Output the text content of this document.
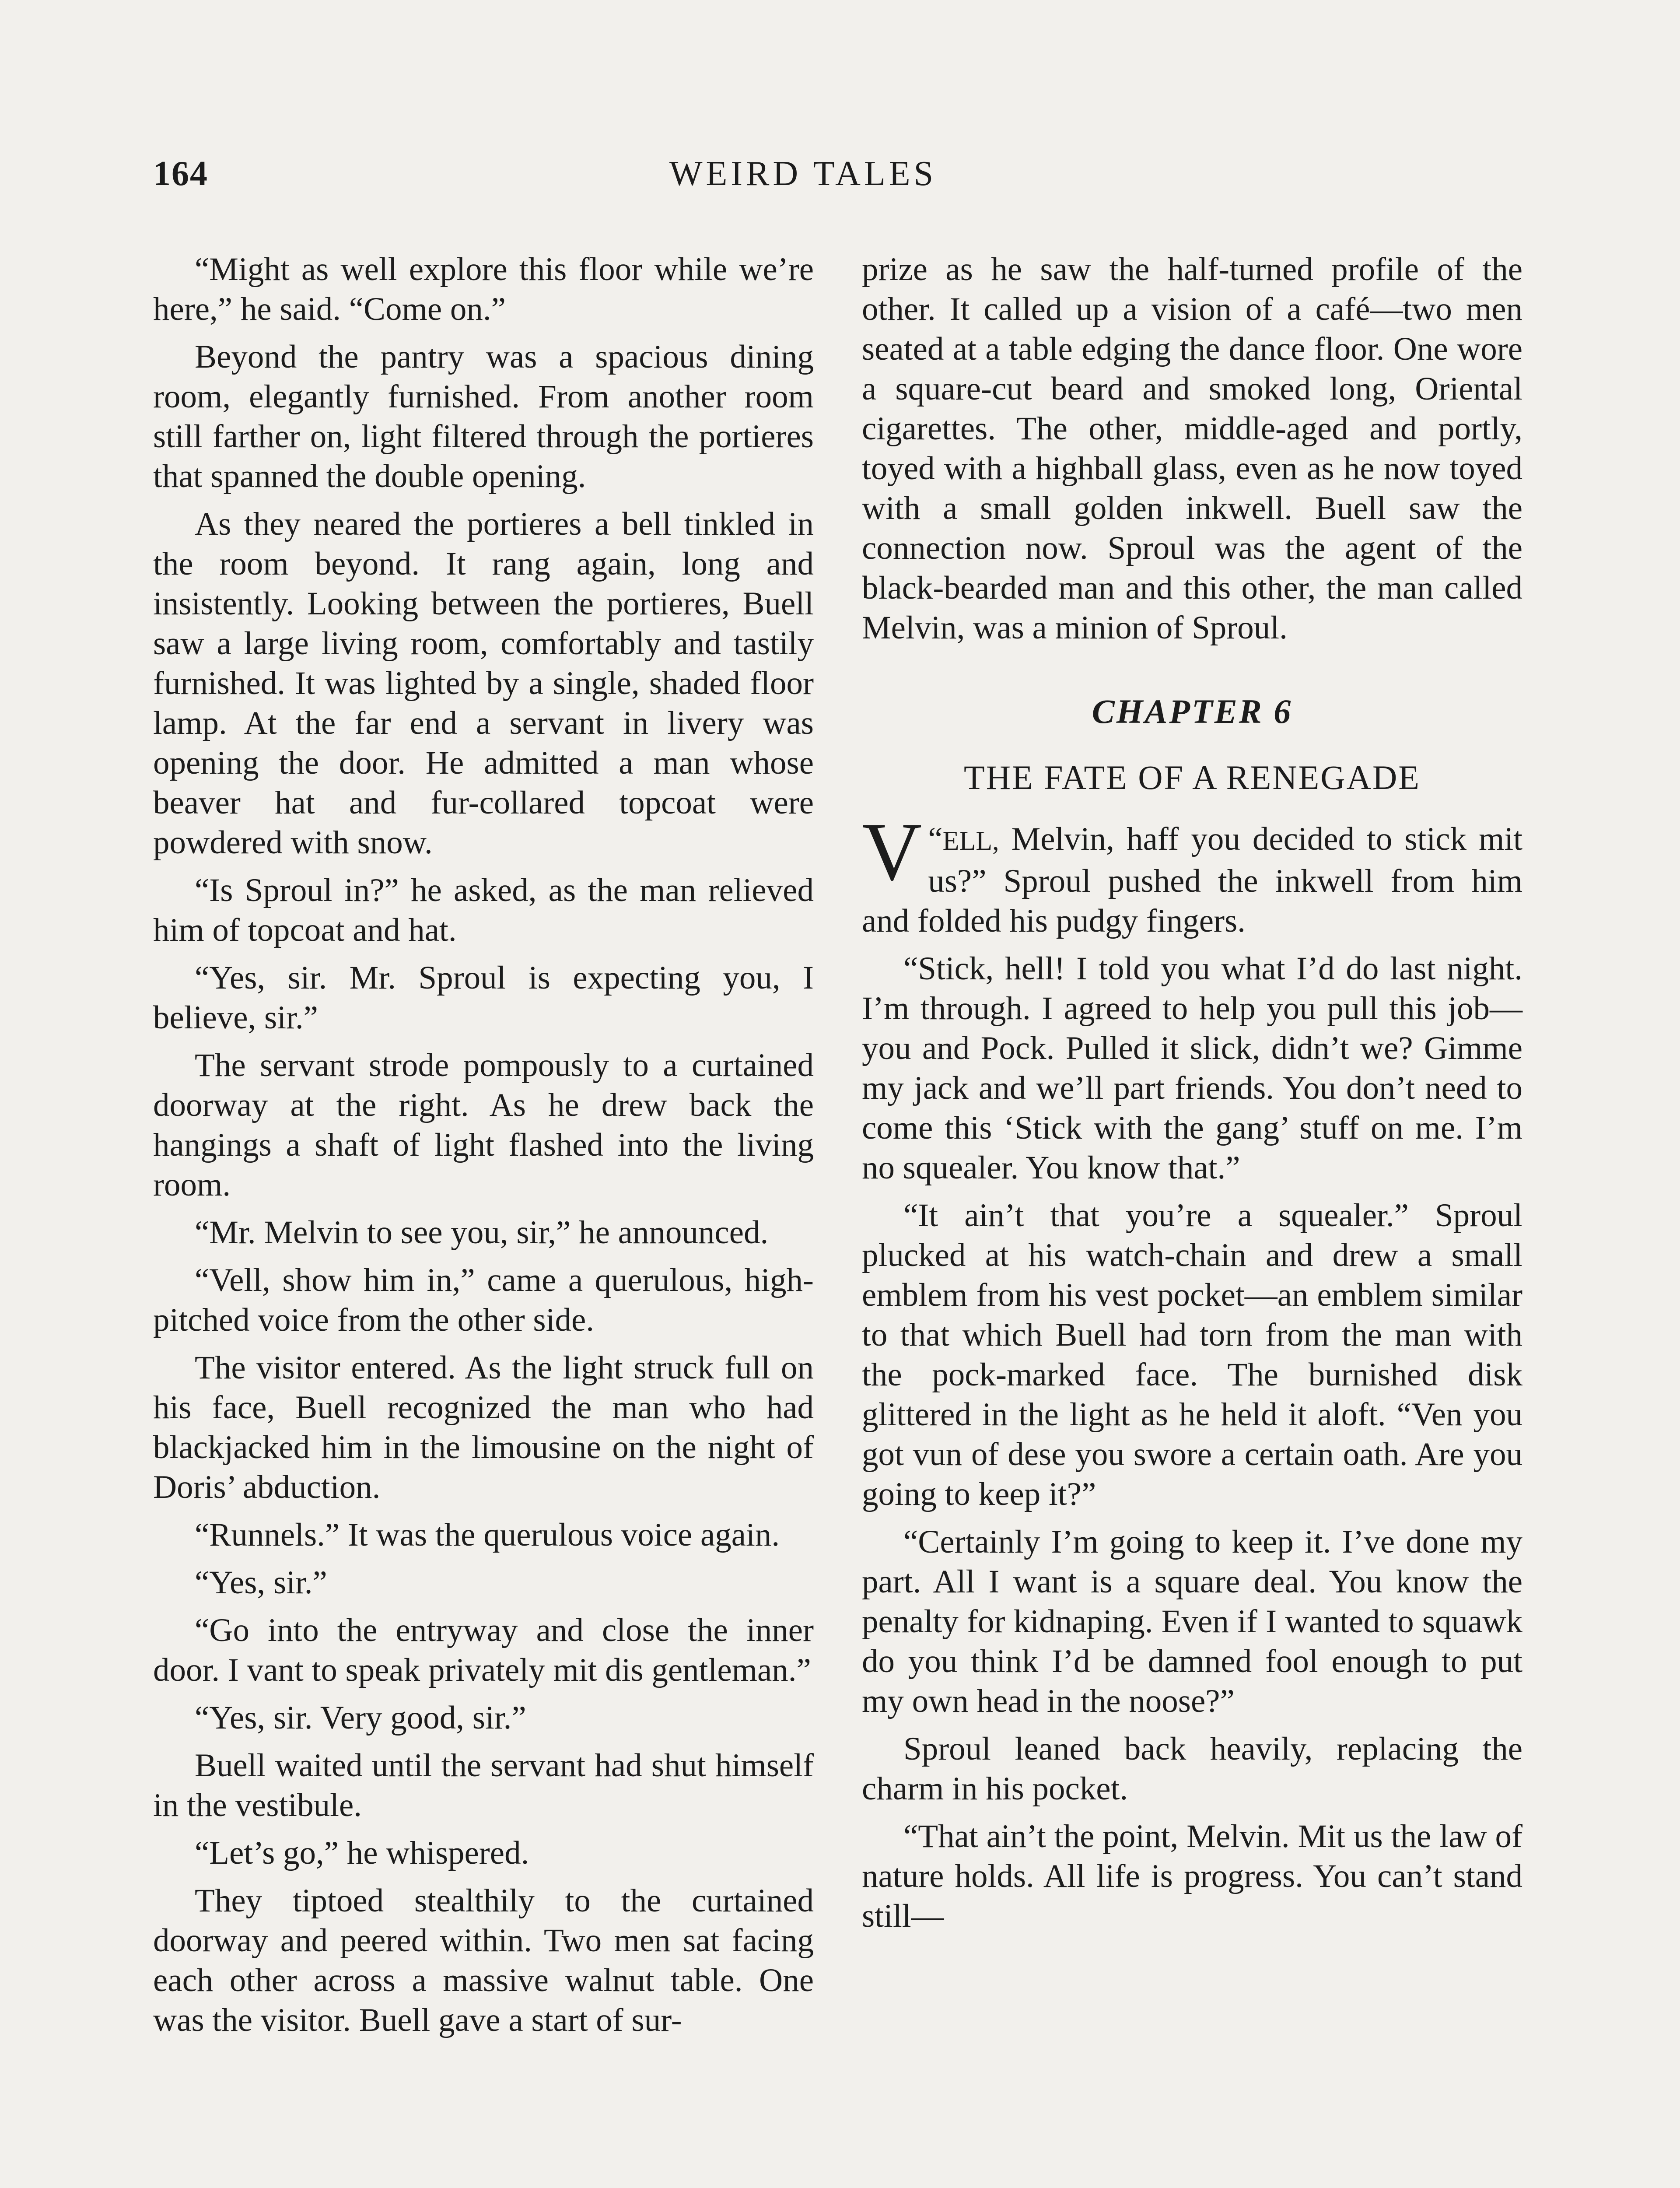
164	WEIRD TALES

“Might as well explore this floor while we’re here,” he said. “Come on.”

Beyond the pantry was a spacious dining room, elegantly furnished. From another room still farther on, light filtered through the portieres that spanned the double opening.

As they neared the portieres a bell tinkled in the room beyond. It rang again, long and insistently. Looking between the portieres, Buell saw a large living room, comfortably and tastily furnished. It was lighted by a single, shaded floor lamp. At the far end a servant in livery was opening the door. He admitted a man whose beaver hat and fur-collared topcoat were powdered with snow.

“Is Sproul in?” he asked, as the man relieved him of topcoat and hat.

“Yes, sir. Mr. Sproul is expecting you, I believe, sir.”

The servant strode pompously to a curtained doorway at the right. As he drew back the hangings a shaft of light flashed into the living room.

“Mr. Melvin to see you, sir,” he announced.

“Vell, show him in,” came a querulous, high-pitched voice from the other side.

The visitor entered. As the light struck full on his face, Buell recognized the man who had blackjacked him in the limousine on the night of Doris’ abduction.

“Runnels.” It was the querulous voice again.

“Yes, sir.”

“Go into the entryway and close the inner door. I vant to speak privately mit dis gentleman.”

“Yes, sir. Very good, sir.”

Buell waited until the servant had shut himself in the vestibule.

“Let’s go,” he whispered.

They tiptoed stealthily to the curtained doorway and peered within. Two men sat facing each other across a massive walnut table. One was the visitor. Buell gave a start of sur-

prize as he saw the half-turned profile of the other. It called up a vision of a café—two men seated at a table edging the dance floor. One wore a square-cut beard and smoked long, Oriental cigarettes. The other, middle-aged and portly, toyed with a highball glass, even as he now toyed with a small golden inkwell. Buell saw the connection now. Sproul was the agent of the black-bearded man and this other, the man called Melvin, was a minion of Sproul.

CHAPTER 6
THE FATE OF A RENEGADE

“
V ELL, Melvin, haff you decided to stick mit us?” Sproul pushed the inkwell from him and folded his pudgy fingers.

“Stick, hell! I told you what I’d do last night. I’m through. I agreed to help you pull this job—you and Pock. Pulled it slick, didn’t we? Gimme my jack and we’ll part friends. You don’t need to come this ‘Stick with the gang’ stuff on me. I’m no squealer. You know that.”

“It ain’t that you’re a squealer.” Sproul plucked at his watch-chain and drew a small emblem from his vest pocket—an emblem similar to that which Buell had torn from the man with the pock-marked face. The burnished disk glittered in the light as he held it aloft. “Ven you got vun of dese you swore a certain oath. Are you going to keep it?”

“Certainly I’m going to keep it. I’ve done my part. All I want is a square deal. You know the penalty for kidnaping. Even if I wanted to squawk do you think I’d be damned fool enough to put my own head in the noose?”

Sproul leaned back heavily, replacing the charm in his pocket.

“That ain’t the point, Melvin. Mit us the law of nature holds. All life is progress. You can’t stand still—
